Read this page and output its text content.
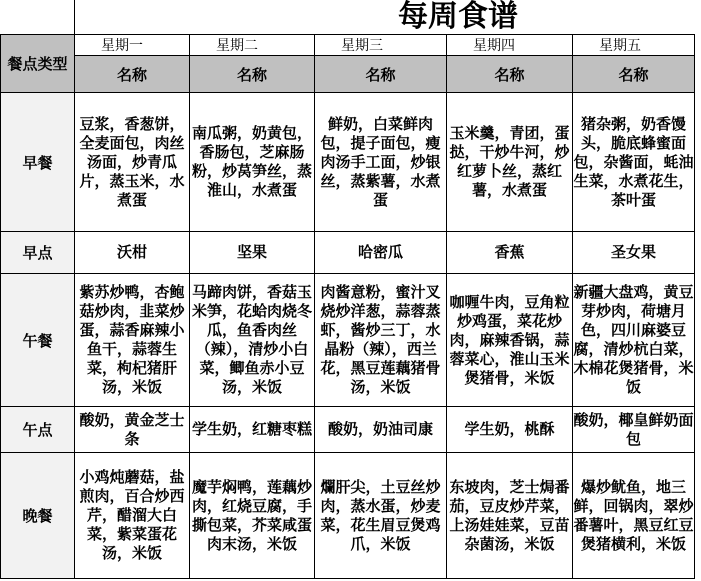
	每周食谱				

餐点类型	星期一	星期二	星期三	星期四	星期五

	名称	名称	名称	名称	名称
早餐	豆浆，香葱饼，全麦面包，肉丝汤面，炒青瓜片，蒸玉米，水煮蛋	南瓜粥，奶黄包，香肠包，芝麻肠粉，炒莴笋丝，蒸淮山，水煮蛋	鲜奶，白菜鲜肉包，提子面包，瘦肉汤手工面，炒银丝，蒸紫薯，水煮蛋	玉米羹，青团，蛋挞，干炒牛河，炒红萝卜丝，蒸红薯，水煮蛋	猪杂粥，奶香馒头，脆底蜂蜜面包，杂酱面，蚝油生菜，水煮花生，茶叶蛋
早点	沃柑	坚果	哈密瓜	香蕉	圣女果
午餐	紫苏炒鸭，杏鲍菇炒肉，韭菜炒蛋，蒜香麻辣小鱼干，蒜蓉生菜，枸杞猪肝汤，米饭	马蹄肉饼，香菇玉米笋，花蛤肉烧冬瓜，鱼香肉丝（辣），清炒小白菜，鲫鱼赤小豆汤，米饭	肉酱意粉，蜜汁叉烧炒洋葱，蒜蓉蒸虾，酱炒三丁，水晶粉（辣），西兰花，黑豆莲藕猪骨汤，米饭	咖喱牛肉，豆角粒炒鸡蛋，菜花炒肉，麻辣香锅，蒜蓉菜心，淮山玉米煲猪骨，米饭	新疆大盘鸡，黄豆芽炒肉，荷塘月色，四川麻婆豆腐，清炒杭白菜，木棉花煲猪骨，米饭
午点	酸奶，黄金芝士条	学生奶，红糖枣糕	酸奶，奶油司康	学生奶，桃酥	酸奶，椰皇鲜奶面包
晚餐	小鸡炖蘑菇，盐煎肉，百合炒西芹，醋溜大白菜，紫菜蛋花汤，米饭	魔芋焖鸭，莲藕炒肉，红烧豆腐，手撕包菜，芥菜咸蛋肉末汤，米饭	爛肝尖，土豆丝炒肉，蒸水蛋，炒麦菜，花生眉豆煲鸡爪，米饭	东坡肉，芝士焗番茄，豆皮炒芹菜，上汤娃娃菜，豆苗杂菌汤，米饭	爆炒鱿鱼，地三鲜，回锅肉，翠炒番薯叶，黑豆红豆煲猪横利，米饭
